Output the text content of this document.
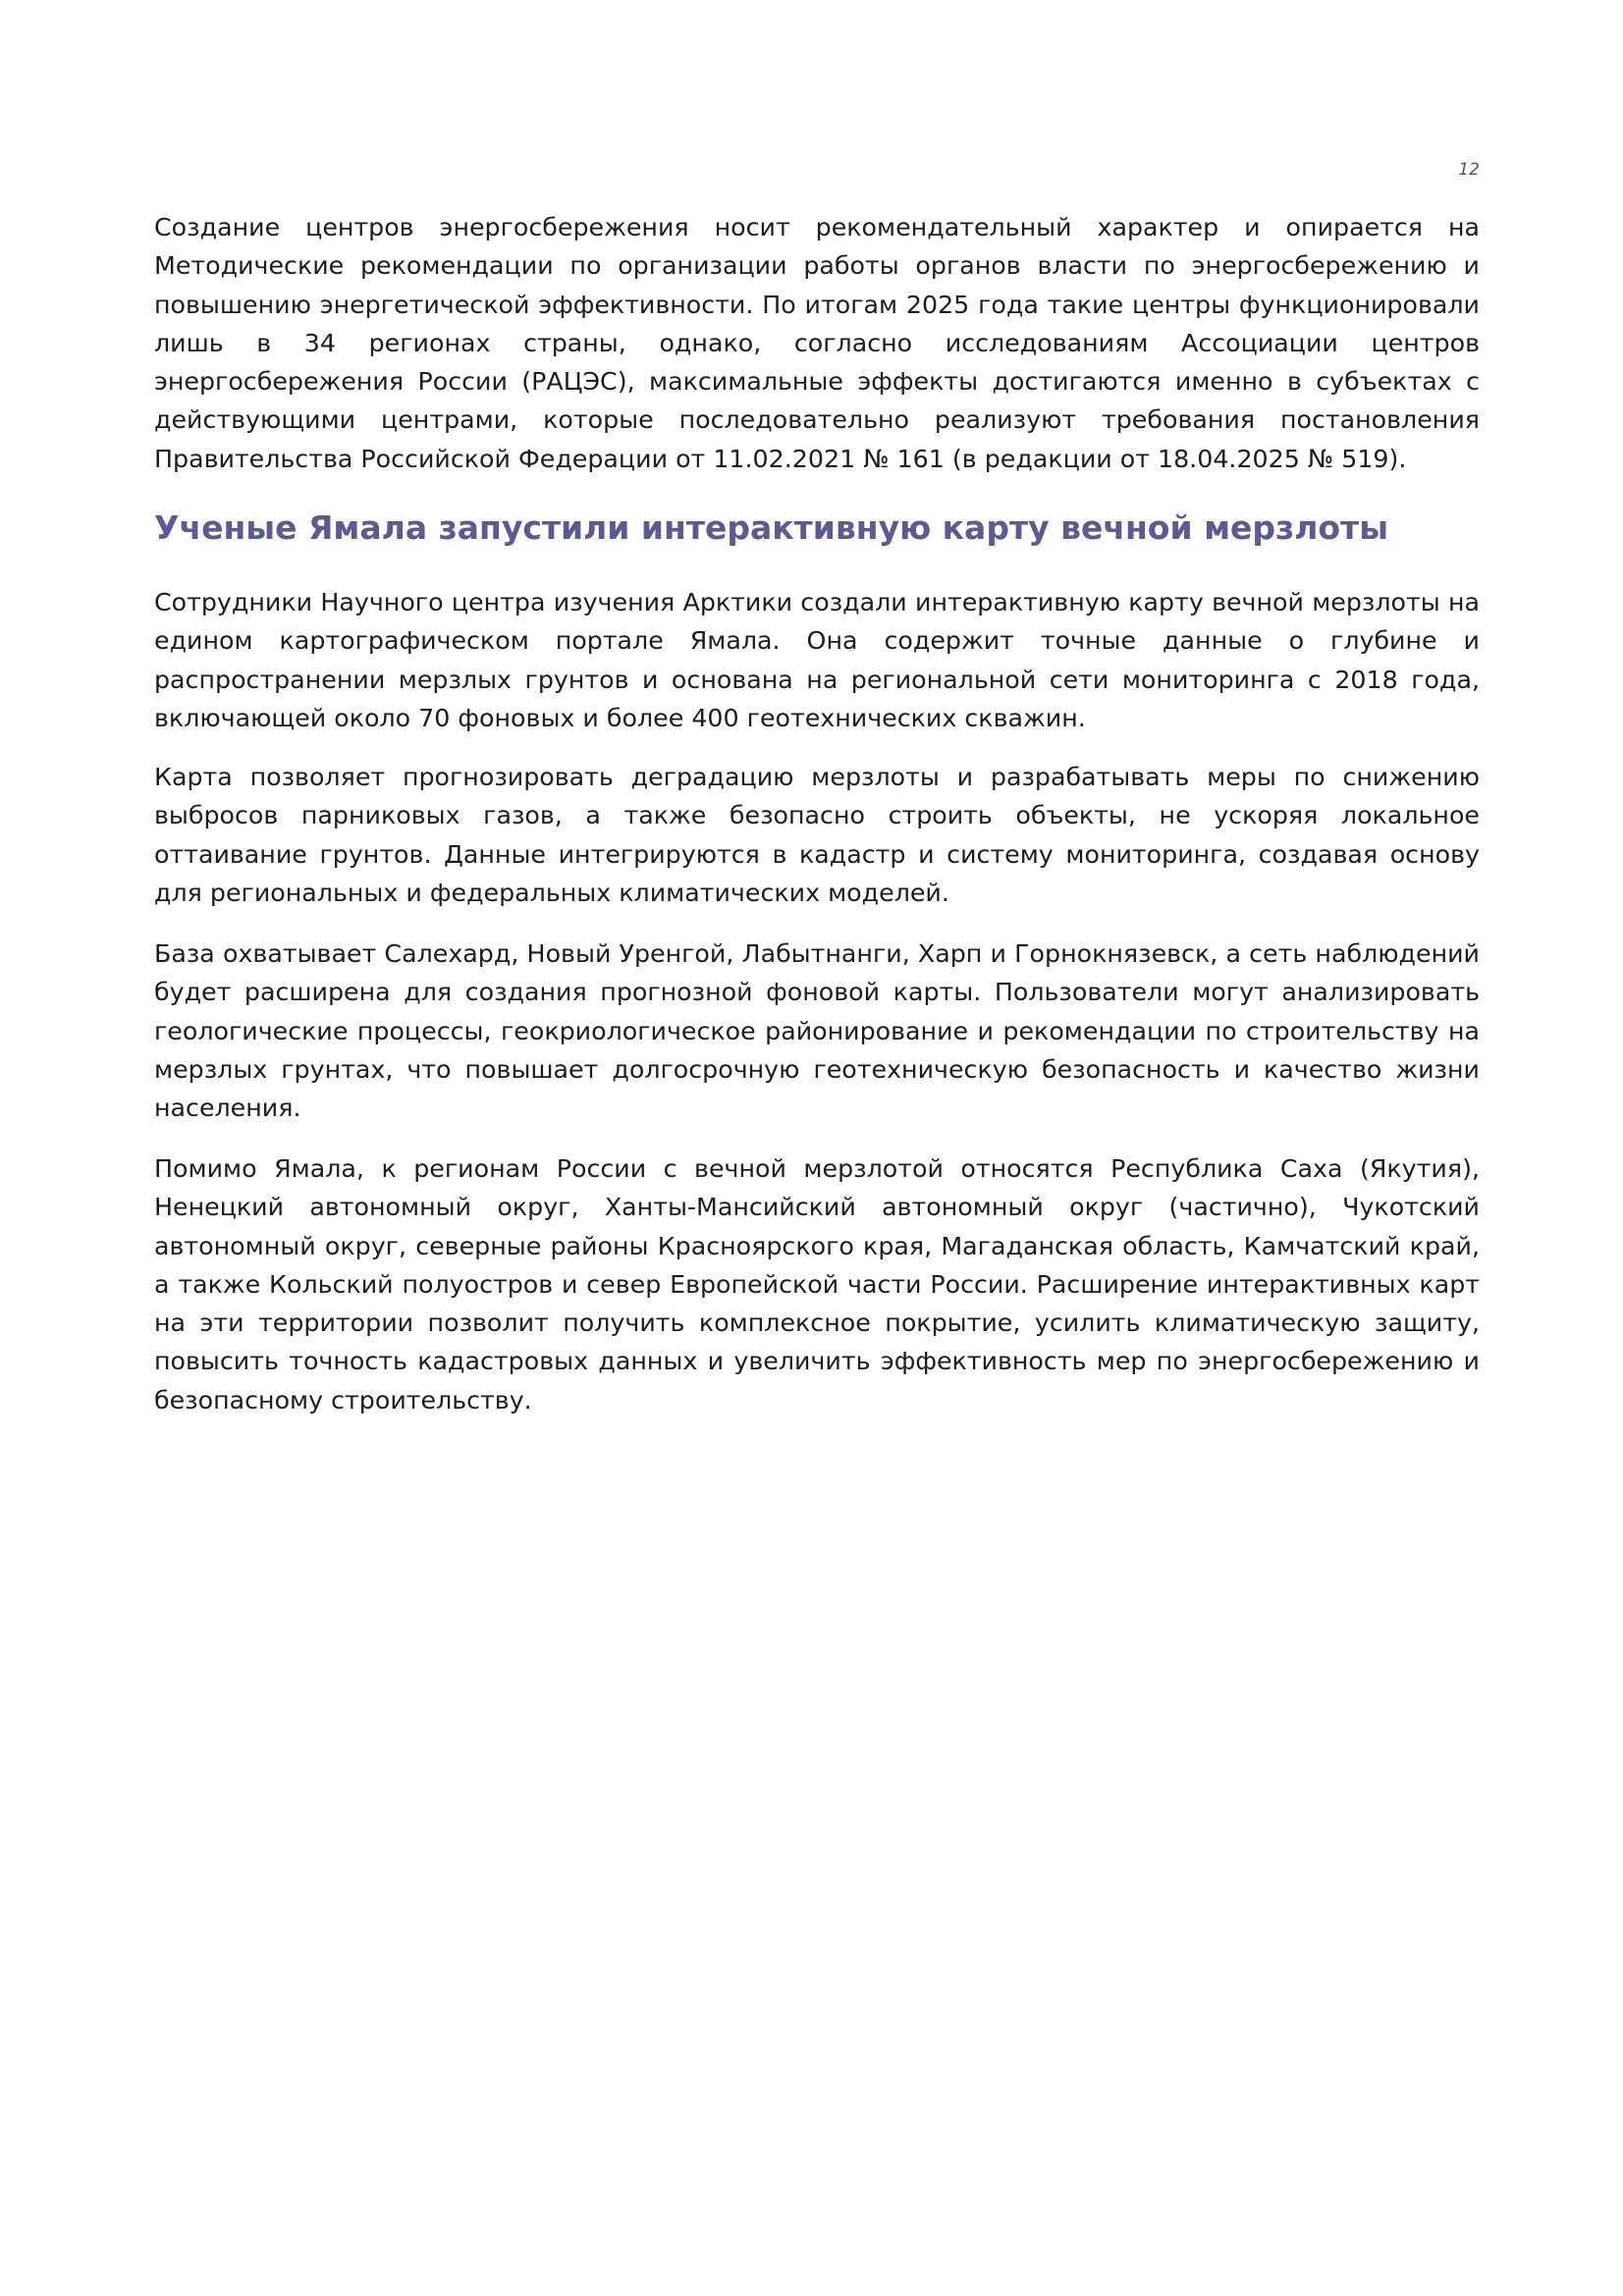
12

Создание центров энергосбережения носит рекомендательный характер и опирается на Методические рекомендации по организации работы органов власти по энергосбережению и повышению энергетической эффективности. По итогам 2025 года такие центры функционировали лишь в 34 регионах страны, однако, согласно исследованиям Ассоциации центров энергосбережения России (РАЦЭС), максимальные эффекты достигаются именно в субъектах с действующими центрами, которые последовательно реализуют требования постановления Правительства Российской Федерации от 11.02.2021 № 161 (в редакции от 18.04.2025 № 519).

Ученые Ямала запустили интерактивную карту вечной мерзлоты

Сотрудники Научного центра изучения Арктики создали интерактивную карту вечной мерзлоты на едином картографическом портале Ямала. Она содержит точные данные о глубине и распространении мерзлых грунтов и основана на региональной сети мониторинга с 2018 года, включающей около 70 фоновых и более 400 геотехнических скважин.

Карта позволяет прогнозировать деградацию мерзлоты и разрабатывать меры по снижению выбросов парниковых газов, а также безопасно строить объекты, не ускоряя локальное оттаивание грунтов. Данные интегрируются в кадастр и систему мониторинга, создавая основу для региональных и федеральных климатических моделей.

База охватывает Салехард, Новый Уренгой, Лабытнанги, Харп и Горнокнязевск, а сеть наблюдений будет расширена для создания прогнозной фоновой карты. Пользователи могут анализировать геологические процессы, геокриологическое районирование и рекомендации по строительству на мерзлых грунтах, что повышает долгосрочную геотехническую безопасность и качество жизни населения.

Помимо Ямала, к регионам России с вечной мерзлотой относятся Республика Саха (Якутия), Ненецкий автономный округ, Ханты-Мансийский автономный округ (частично), Чукотский автономный округ, северные районы Красноярского края, Магаданская область, Камчатский край, а также Кольский полуостров и север Европейской части России. Расширение интерактивных карт на эти территории позволит получить комплексное покрытие, усилить климатическую защиту, повысить точность кадастровых данных и увеличить эффективность мер по энергосбережению и безопасному строительству.
